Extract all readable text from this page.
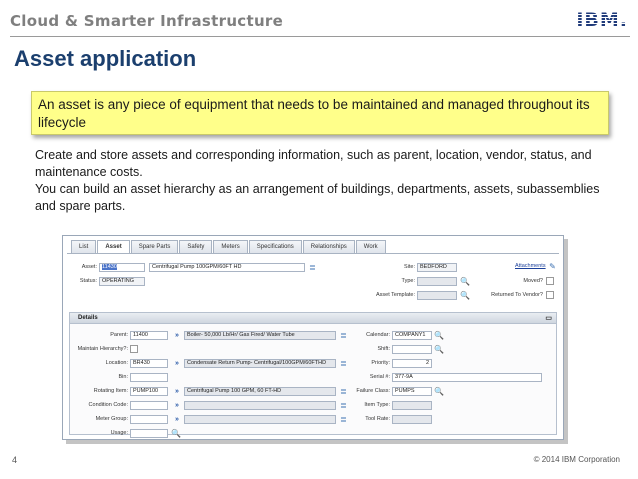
Cloud & Smarter Infrastructure	IBM.
Asset application
An asset is any piece of equipment that needs to be maintained and managed throughout its lifecycle
Create and store assets and corresponding information, such as parent, location, vendor, status, and maintenance costs.
You can build an asset hierarchy as an arrangement of buildings, departments, assets, subassemblies and spare parts.
List	Asset	Spare Parts	Safety	Meters	Specifications	Relationships	Work
Asset: 11430	Centrifugal Pump 100GPM/60FT HD	≣
Status: OPERATING
Site: BEDFORD
Type:	🔍
Asset Template:	🔍
Attachments ✎
Moved?
Returned To Vendor?
Details	▭
Parent: 11400	»	Boiler- 50,000 Lb/Hr/ Gas Fired/ Water Tube	≣
Maintain Hierarchy?:
Location: BR430	»	Condensate Return Pump- Centrifugal/100GPM/60FTHD	≣
Bin:
Rotating Item: PUMP100	»	Centrifugal Pump 100 GPM, 60 FT-HD	≣
Condition Code:	»	≣
Meter Group:	»	≣
Usage:	🔍
Calendar: COMPANY1	🔍
Shift:	🔍
Priority:	2
Serial #: 377-9A
Failure Class: PUMPS	🔍
Item Type:
Tool Rate:
4	© 2014 IBM Corporation
